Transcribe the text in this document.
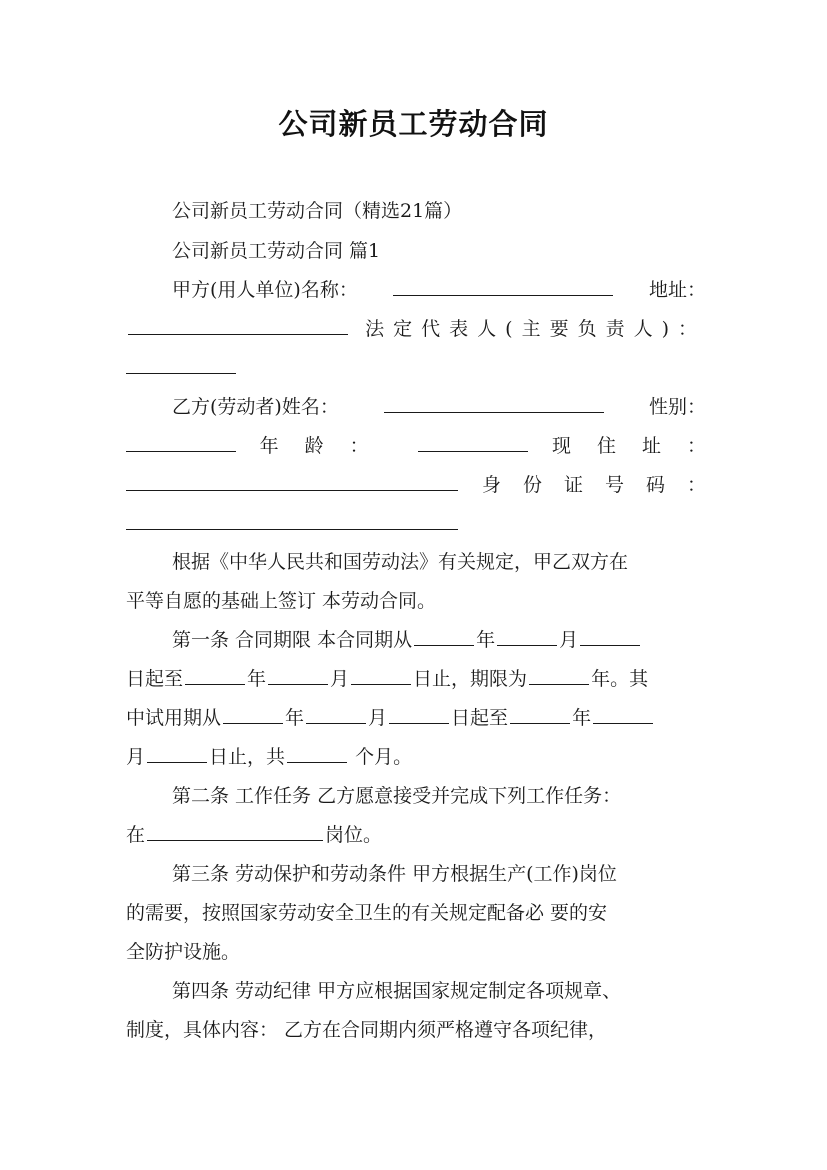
公司新员工劳动合同
公司新员工劳动合同（精选21篇）
公司新员工劳动合同 篇1
甲方(用人单位)名称：	地址：
法定代表人(主要负责人)：
乙方(劳动者)姓名：	性别：
年龄：	现住址：
身份证号码：
根据《中华人民共和国劳动法》有关规定，甲乙双方在
平等自愿的基础上签订 本劳动合同。
第一条 合同期限 本合同期从	年	月
日起至	年	月	日止，期限为	年。其
中试用期从	年	月	日起至	年
月	日止，共	个月。
第二条 工作任务 乙方愿意接受并完成下列工作任务：
在	岗位。
第三条 劳动保护和劳动条件 甲方根据生产(工作)岗位
的需要，按照国家劳动安全卫生的有关规定配备必 要的安
全防护设施。
第四条 劳动纪律 甲方应根据国家规定制定各项规章、
制度，具体内容： 乙方在合同期内须严格遵守各项纪律，
